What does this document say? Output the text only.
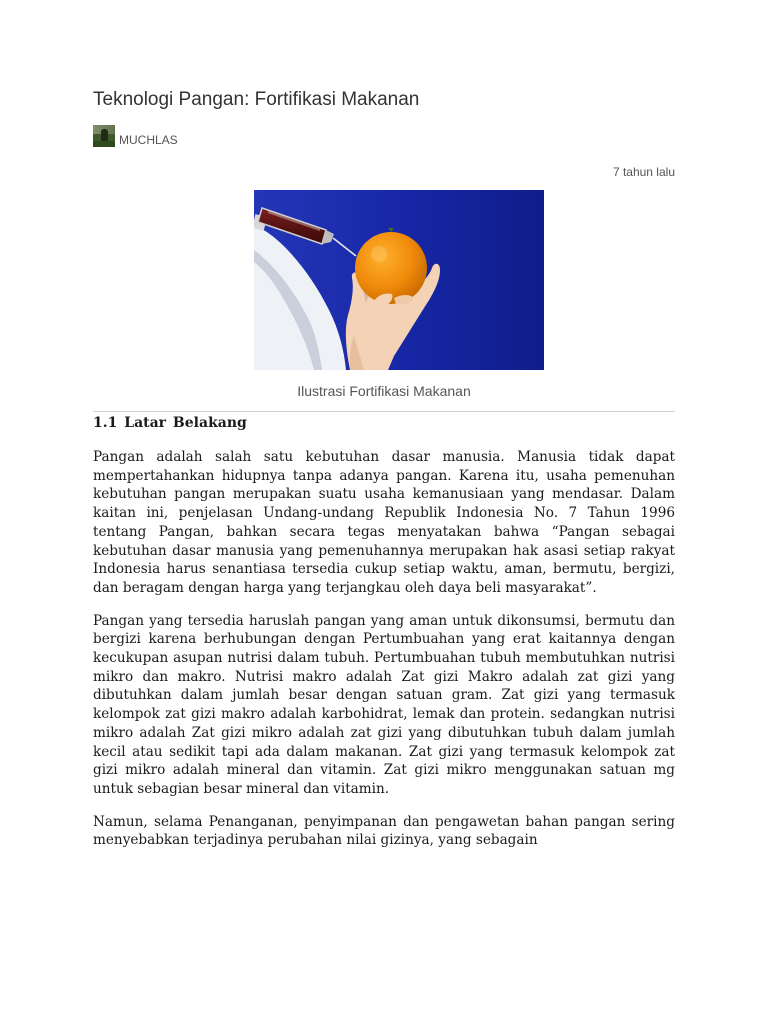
Teknologi Pangan: Fortifikasi Makanan
MUCHLAS
7 tahun lalu
Ilustrasi Fortifikasi Makanan
1.1 Latar Belakang

Pangan adalah salah satu kebutuhan dasar manusia. Manusia tidak dapat mempertahankan hidupnya tanpa adanya pangan. Karena itu, usaha pemenuhan kebutuhan pangan merupakan suatu usaha kemanusiaan yang mendasar. Dalam kaitan ini, penjelasan Undang-undang Republik Indonesia No. 7 Tahun 1996 tentang Pangan, bahkan secara tegas menyatakan bahwa “Pangan sebagai kebutuhan dasar manusia yang pemenuhannya merupakan hak asasi setiap rakyat Indonesia harus senantiasa tersedia cukup setiap waktu, aman, bermutu, bergizi, dan beragam dengan harga yang terjangkau oleh daya beli masyarakat”.

Pangan yang tersedia haruslah pangan yang aman untuk dikonsumsi, bermutu dan bergizi karena berhubungan dengan Pertumbuahan yang erat kaitannya dengan kecukupan asupan nutrisi dalam tubuh. Pertumbuahan tubuh membutuhkan nutrisi mikro dan makro. Nutrisi makro adalah Zat gizi Makro adalah zat gizi yang dibutuhkan dalam jumlah besar dengan satuan gram. Zat gizi yang termasuk kelompok zat gizi makro adalah karbohidrat, lemak dan protein. sedangkan nutrisi mikro adalah Zat gizi mikro adalah zat gizi yang dibutuhkan tubuh dalam jumlah kecil atau sedikit tapi ada dalam makanan. Zat gizi yang termasuk kelompok zat gizi mikro adalah mineral dan vitamin. Zat gizi mikro menggunakan satuan mg untuk sebagian besar mineral dan vitamin.

Namun, selama Penanganan, penyimpanan dan pengawetan bahan pangan sering menyebabkan terjadinya perubahan nilai gizinya, yang sebagain
